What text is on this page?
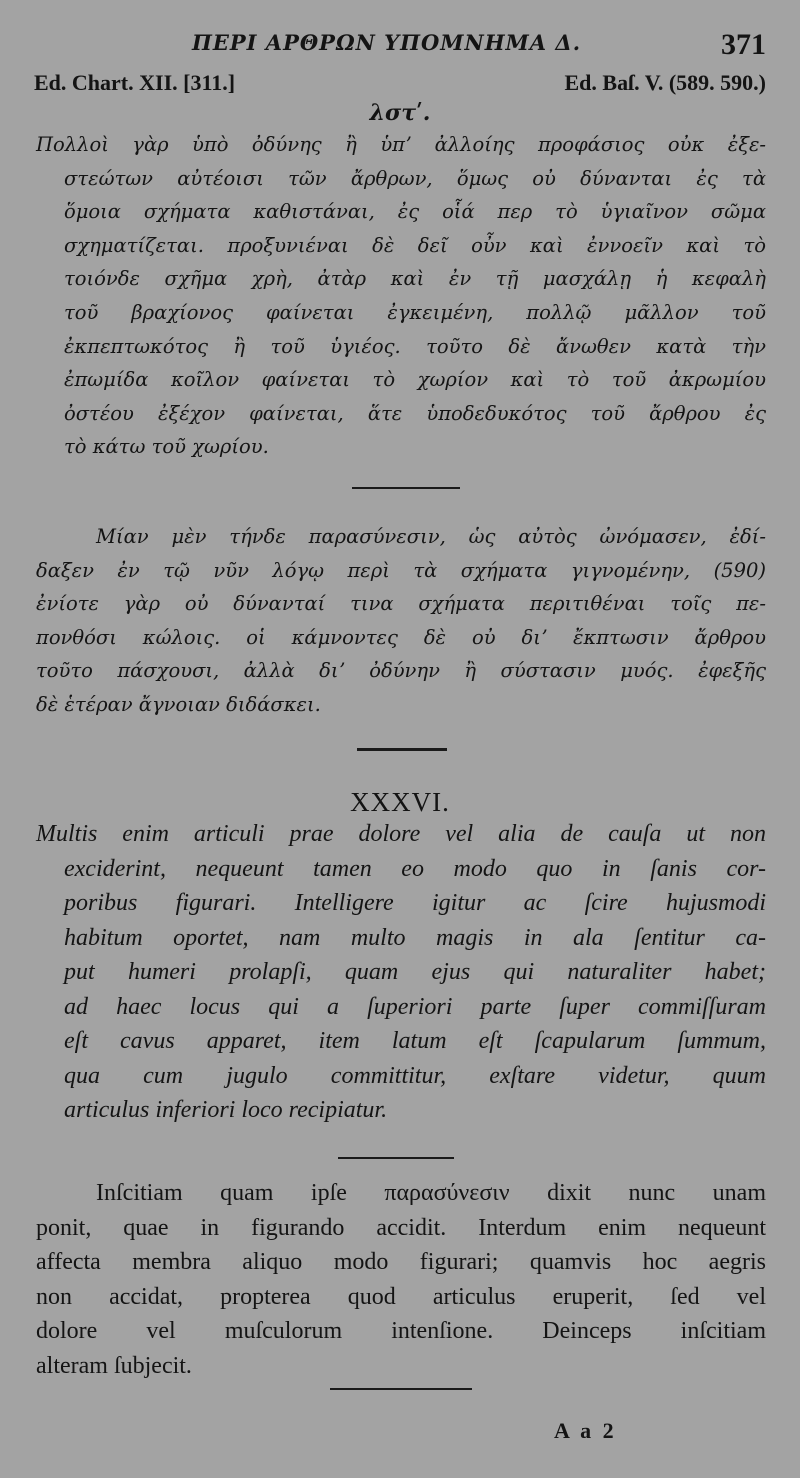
ΠΕΡΙ ΑΡΘΡΩΝ ΥΠΟΜΝΗΜΑ Δ.	371
Ed. Chart. XII. [311.]	Ed. Baſ. V. (589. 590.)
λστʹ.
Πολλοὶ γὰρ ὑπὸ ὀδύνης ἢ ὑπʼ ἀλλοίης προφάσιος οὐκ ἐξε-
στεώτων αὐτέοισι τῶν ἄρθρων, ὅμως οὐ δύνανται ἐς τὰ
ὅμοια σχήματα καθιστάναι, ἐς οἷά περ τὸ ὑγιαῖνον σῶμα
σχηματίζεται. προξυνιέναι δὲ δεῖ οὖν καὶ ἐννοεῖν καὶ τὸ
τοιόνδε σχῆμα χρὴ, ἀτὰρ καὶ ἐν τῇ μασχάλῃ ἡ κεφαλὴ
τοῦ βραχίονος φαίνεται ἐγκειμένη, πολλῷ μᾶλλον τοῦ
ἐκπεπτωκότος ἢ τοῦ ὑγιέος. τοῦτο δὲ ἄνωθεν κατὰ τὴν
ἐπωμίδα κοῖλον φαίνεται τὸ χωρίον καὶ τὸ τοῦ ἀκρωμίου
ὀστέου ἐξέχον φαίνεται, ἅτε ὑποδεδυκότος τοῦ ἄρθρου ἐς
τὸ κάτω τοῦ χωρίου.
Μίαν μὲν τήνδε παρασύνεσιν, ὡς αὐτὸς ὠνόμασεν, ἐδί-
δαξεν ἐν τῷ νῦν λόγῳ περὶ τὰ σχήματα γιγνομένην, (590)
ἐνίοτε γὰρ οὐ δύνανταί τινα σχήματα περιτιθέναι τοῖς πε-
πονθόσι κώλοις. οἱ κάμνοντες δὲ οὐ διʼ ἔκπτωσιν ἄρθρου
τοῦτο πάσχουσι, ἀλλὰ διʼ ὀδύνην ἢ σύστασιν μυός. ἐφεξῆς
δὲ ἑτέραν ἄγνοιαν διδάσκει.
XXXVI.
Multis enim articuli prae dolore vel alia de cauſa ut non
exciderint, nequeunt tamen eo modo quo in ſanis cor-
poribus figurari. Intelligere igitur ac ſcire hujusmodi
habitum oportet, nam multo magis in ala ſentitur ca-
put humeri prolapſi, quam ejus qui naturaliter habet;
ad haec locus qui a ſuperiori parte ſuper commiſſuram
eſt cavus apparet, item latum eſt ſcapularum ſummum,
qua cum jugulo committitur, exſtare videtur, quum
articulus inferiori loco recipiatur.
Inſcitiam quam ipſe παρασύνεσιν dixit nunc unam
ponit, quae in figurando accidit. Interdum enim nequeunt
affecta membra aliquo modo figurari; quamvis hoc aegris
non accidat, propterea quod articulus eruperit, ſed vel
dolore vel muſculorum intenſione. Deinceps inſcitiam
alteram ſubjecit.
A a 2
